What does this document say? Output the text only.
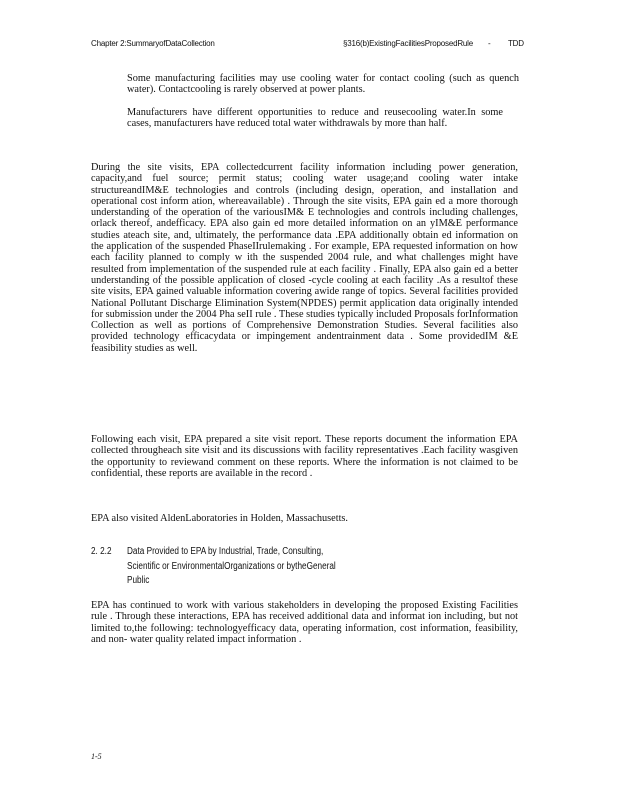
Chapter 2:SummaryofDataCollection	§316(b)ExistingFacilitiesProposedRule - TDD
Some manufacturing facilities may use cooling water for contact cooling (such as quench water). Contactcooling is rarely observed at power plants.
Manufacturers have different opportunities to reduce and reusecooling water.In some cases, manufacturers have reduced total water withdrawals by more than half.
During the site visits, EPA collectedcurrent facility information including power generation, capacity,and fuel source; permit status; cooling water usage;and cooling water intake structureandIM&E technologies and controls (including design, operation, and installation and operational cost inform ation, whereavailable) . Through the site visits, EPA gain ed a more thorough understanding of the operation of the variousIM& E technologies and controls including challenges, orlack thereof, andefficacy. EPA also gain ed more detailed information on an yIM&E performance studies ateach site, and, ultimately, the performance data .EPA additionally obtain ed information on the application of the suspended PhaseIIrulemaking . For example, EPA requested information on how each facility planned to comply w ith the suspended 2004 rule, and what challenges might have resulted from implementation of the suspended rule at each facility . Finally, EPA also gain ed a better understanding of the possible application of closed -cycle cooling at each facility .As a resultof these site visits, EPA gained valuable information covering awide range of topics. Several facilities provided National Pollutant Discharge Elimination System(NPDES) permit application data originally intended for submission under the 2004 Pha seII rule . These studies typically included Proposals forInformation Collection as well as portions of Comprehensive Demonstration Studies. Several facilities also provided technology efficacydata or impingement andentrainment data . Some providedIM &E feasibility studies as well.
Following each visit, EPA prepared a site visit report. These reports document the information EPA collected througheach site visit and its discussions with facility representatives .Each facility wasgiven the opportunity to reviewand comment on these reports. Where the information is not claimed to be confidential, these reports are available in the record .
EPA also visited AldenLaboratories in Holden, Massachusetts.
2. 2.2 Data Provided to EPA by Industrial, Trade, Consulting,
Scientific or EnvironmentalOrganizations or bytheGeneral
Public
EPA has continued to work with various stakeholders in developing the proposed Existing Facilities rule . Through these interactions, EPA has received additional data and informat ion including, but not limited to,the following: technologyefficacy data, operating information, cost information, feasibility, and non- water quality related impact information .
1-5
